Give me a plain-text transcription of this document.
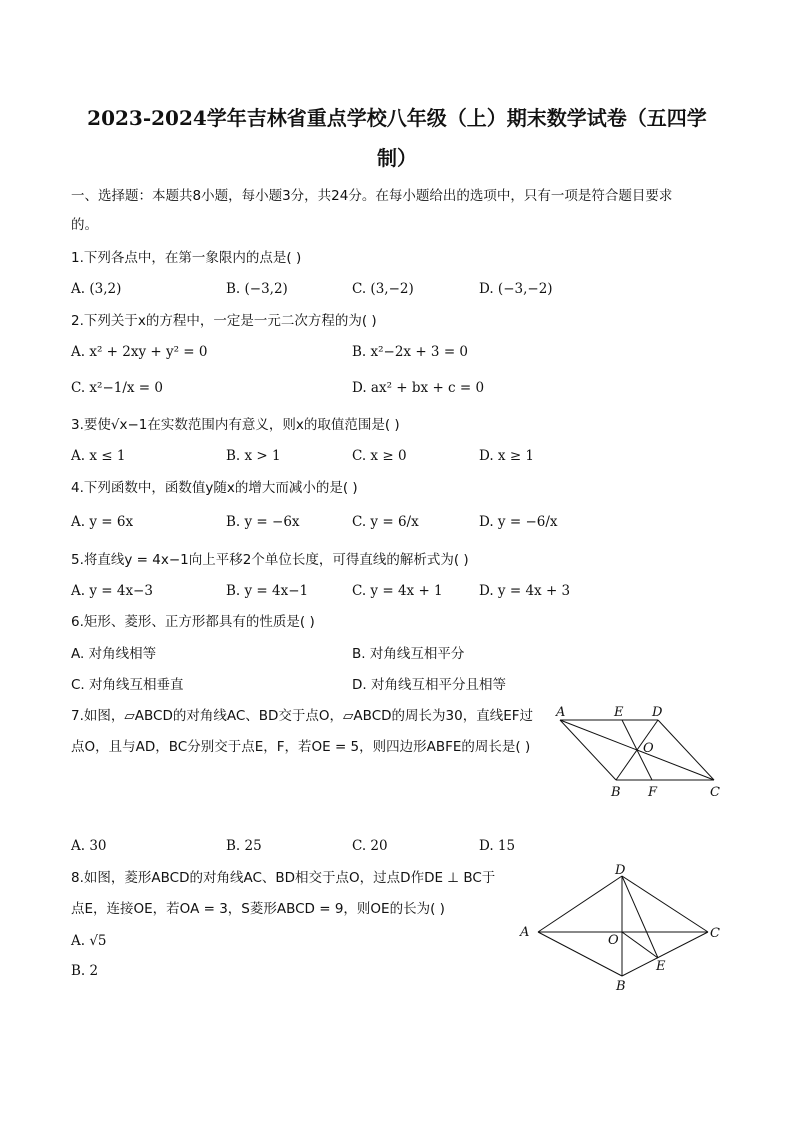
2023-2024学年吉林省重点学校八年级（上）期末数学试卷（五四学
制）
一、选择题：本题共8小题，每小题3分，共24分。在每小题给出的选项中，只有一项是符合题目要求
的。
1.下列各点中，在第一象限内的点是( )
A. (3,2)	B. (−3,2)	C. (3,−2)	D. (−3,−2)
2.下列关于x的方程中，一定是一元二次方程的为( )
A. x² + 2xy + y² = 0	B. x²−2x + 3 = 0
C. x²−1/x = 0	D. ax² + bx + c = 0
3.要使√x−1在实数范围内有意义，则x的取值范围是( )
A. x ≤ 1	B. x > 1	C. x ≥ 0	D. x ≥ 1
4.下列函数中，函数值y随x的增大而减小的是( )
A. y = 6x	B. y = −6x	C. y = 6/x	D. y = −6/x
5.将直线y = 4x−1向上平移2个单位长度，可得直线的解析式为( )
A. y = 4x−3	B. y = 4x−1	C. y = 4x + 1	D. y = 4x + 3
6.矩形、菱形、正方形都具有的性质是( )
A. 对角线相等	B. 对角线互相平分
C. 对角线互相垂直	D. 对角线互相平分且相等
7.如图，▱ABCD的对角线AC、BD交于点O，▱ABCD的周长为30，直线EF过
点O，且与AD，BC分别交于点E，F，若OE = 5，则四边形ABFE的周长是( )
A	E D
O
B F	C
A. 30	B. 25	C. 20	D. 15
8.如图，菱形ABCD的对角线AC、BD相交于点O，过点D作DE ⊥ BC于
点E，连接OE，若OA = 3，S菱形ABCD = 9，则OE的长为( )
D
A
O	C
E
B
A. √5
B. 2
